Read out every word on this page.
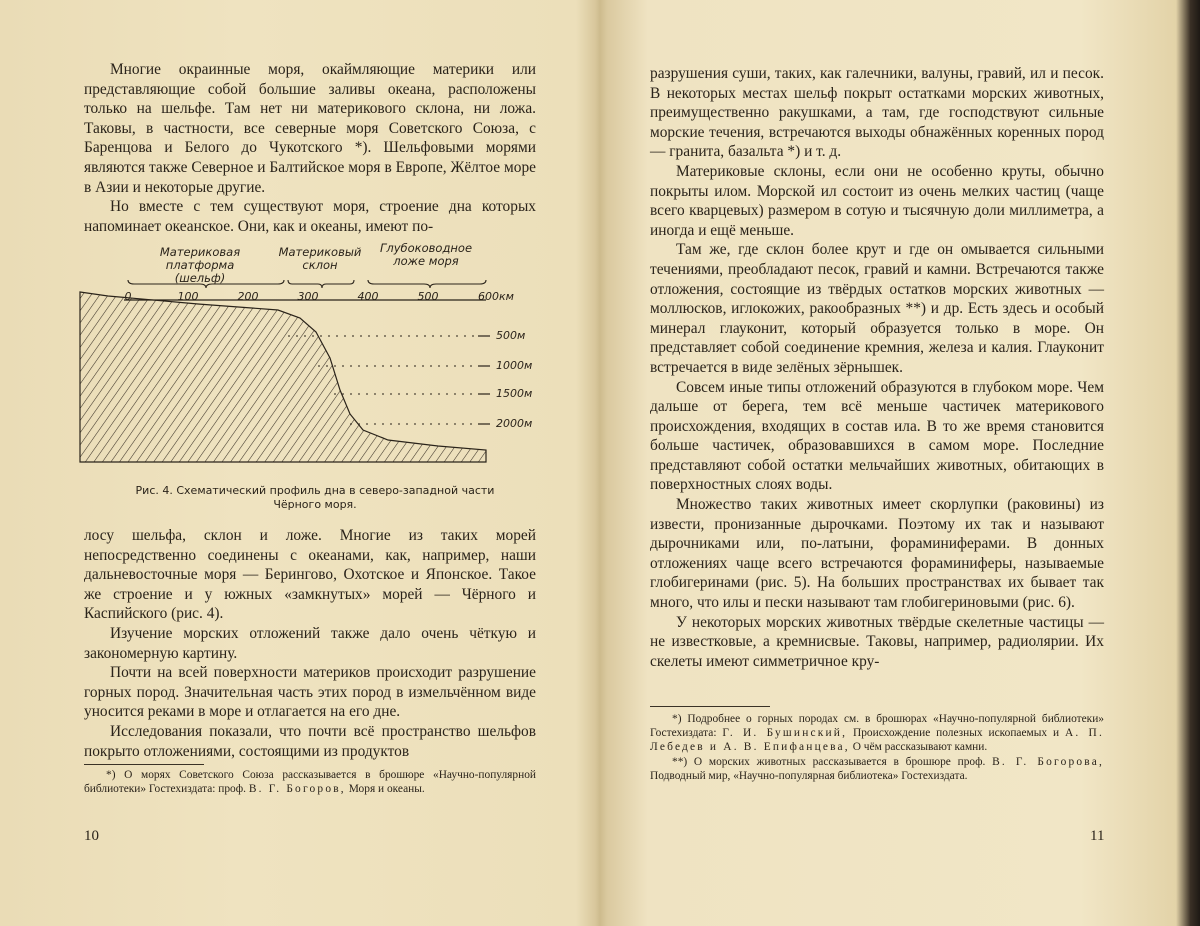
Многие окраинные моря, окаймляющие материки или представляющие собой большие заливы океана, расположены только на шельфе. Там нет ни материкового склона, ни ложа. Таковы, в частности, все северные моря Советского Союза, с Баренцова и Белого до Чукотского *). Шельфовыми морями являются также Северное и Балтийское моря в Европе, Жёлтое море в Азии и некоторые другие.

Но вместе с тем существуют моря, строение дна которых напоминает океанское. Они, как и океаны, имеют по-

Материковая платформа (шельф)
Материковый склон
Глубоководное ложе моря
0	100	200	300	400	500	600км
500м
1000м
1500м
2000м
Рис. 4. Схематический профиль дна в северо-западной части Чёрного моря.

лосу шельфа, склон и ложе. Многие из таких морей непосредственно соединены с океанами, как, например, наши дальневосточные моря — Берингово, Охотское и Японское. Такое же строение и у южных «замкнутых» морей — Чёрного и Каспийского (рис. 4).

Изучение морских отложений также дало очень чёткую и закономерную картину.

Почти на всей поверхности материков происходит разрушение горных пород. Значительная часть этих пород в измельчённом виде уносится реками в море и отлагается на его дне.

Исследования показали, что почти всё пространство шельфов покрыто отложениями, состоящими из продуктов

*) О морях Советского Союза рассказывается в брошюре «Научно-популярной библиотеки» Гостехиздата: проф. В. Г. Богоров, Моря и океаны.

10

разрушения суши, таких, как галечники, валуны, гравий, ил и песок. В некоторых местах шельф покрыт остатками морских животных, преимущественно ракушками, а там, где господствуют сильные морские течения, встречаются выходы обнажённых коренных пород — гранита, базальта *) и т. д.

Материковые склоны, если они не особенно круты, обычно покрыты илом. Морской ил состоит из очень мелких частиц (чаще всего кварцевых) размером в сотую и тысячную доли миллиметра, а иногда и ещё меньше.

Там же, где склон более крут и где он омывается сильными течениями, преобладают песок, гравий и камни. Встречаются также отложения, состоящие из твёрдых остатков морских животных — моллюсков, иглокожих, ракообразных **) и др. Есть здесь и особый минерал глауконит, который образуется только в море. Он представляет собой соединение кремния, железа и калия. Глауконит встречается в виде зелёных зёрнышек.

Совсем иные типы отложений образуются в глубоком море. Чем дальше от берега, тем всё меньше частичек материкового происхождения, входящих в состав ила. В то же время становится больше частичек, образовавшихся в самом море. Последние представляют собой остатки мельчайших животных, обитающих в поверхностных слоях воды.

Множество таких животных имеет скорлупки (раковины) из извести, пронизанные дырочками. Поэтому их так и называют дырочниками или, по-латыни, фораминиферами. В донных отложениях чаще всего встречаются фораминиферы, называемые глобигеринами (рис. 5). На больших пространствах их бывает так много, что илы и пески называют там глобигериновыми (рис. 6).

У некоторых морских животных твёрдые скелетные частицы — не известковые, а кремнисвые. Таковы, например, радиолярии. Их скелеты имеют симметричное кру-

*) Подробнее о горных породах см. в брошюрах «Научно-популярной библиотеки» Гостехиздата: Г. И. Бушинский, Происхождение полезных ископаемых и А. П. Лебедев и А. В. Епифанцева, О чём рассказывают камни.

**) О морских животных рассказывается в брошюре проф. В. Г. Богорова, Подводный мир, «Научно-популярная библиотека» Гостехиздата.

11
